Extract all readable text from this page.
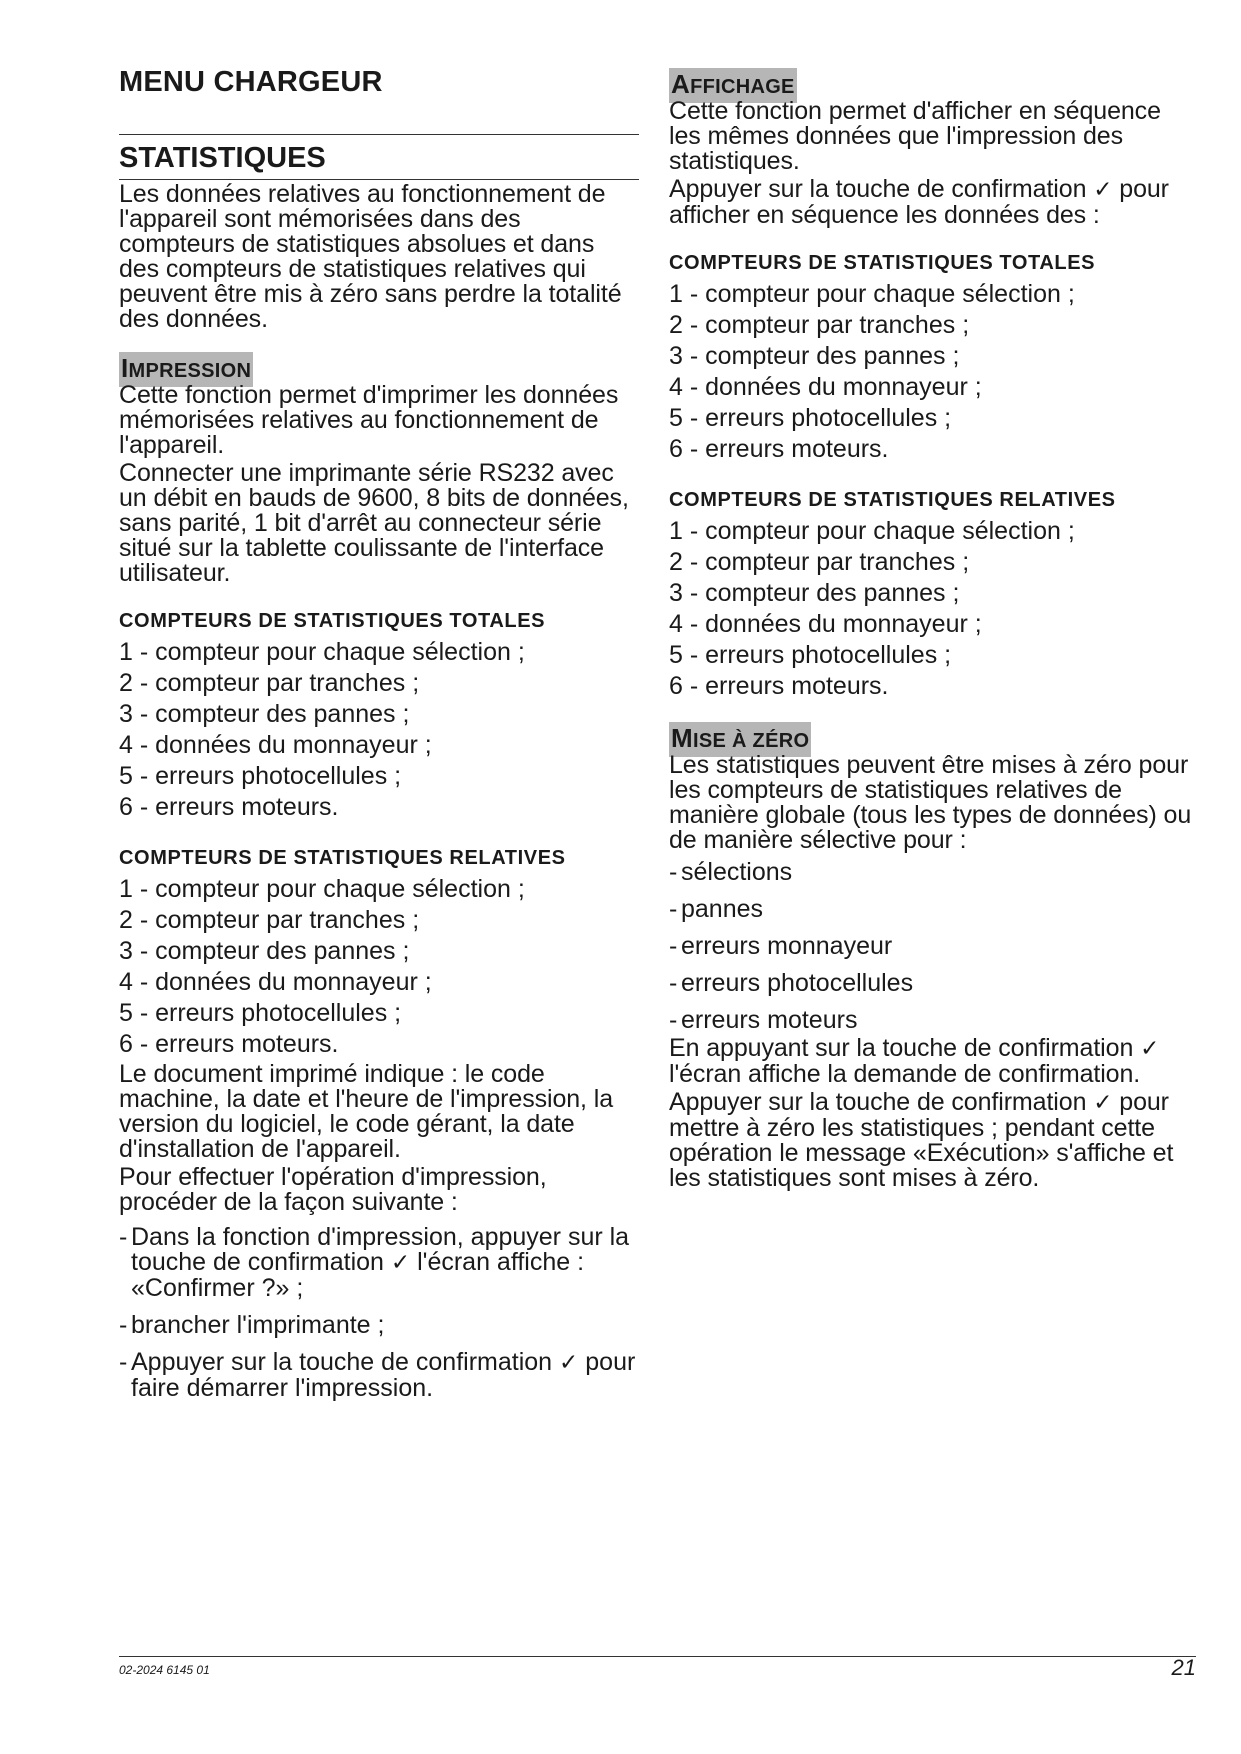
MENU CHARGEUR
STATISTIQUES

Les données relatives au fonctionnement de l'appareil sont mémorisées dans des compteurs de statistiques absolues et dans des compteurs de statistiques relatives qui peuvent être mis à zéro sans perdre la totalité des données.

IMPRESSION

Cette fonction permet d'imprimer les données mémorisées relatives au fonctionnement de l'appareil.

Connecter une imprimante série RS232 avec un débit en bauds de 9600, 8 bits de données, sans parité, 1 bit d'arrêt au connecteur série situé sur la tablette coulissante de l'interface utilisateur.

COMPTEURS DE STATISTIQUES TOTALES
1 - compteur pour chaque sélection ;
2 - compteur par tranches ;
3 - compteur des pannes ;
4 - données du monnayeur ;
5 - erreurs photocellules ;
6 - erreurs moteurs.
COMPTEURS DE STATISTIQUES RELATIVES
1 - compteur pour chaque sélection ;
2 - compteur par tranches ;
3 - compteur des pannes ;
4 - données du monnayeur ;
5 - erreurs photocellules ;
6 - erreurs moteurs.

Le document imprimé indique : le code machine, la date et l'heure de l'impression, la version du logiciel, le code gérant, la date d'installation de l'appareil.

Pour effectuer l'opération d'impression, procéder de la façon suivante :

- Dans la fonction d'impression, appuyer sur la touche de confirmation ✓ l'écran affiche : «Confirmer ?» ;
- brancher l'imprimante ;
- Appuyer sur la touche de confirmation ✓ pour faire démarrer l'impression.
AFFICHAGE

Cette fonction permet d'afficher en séquence les mêmes données que l'impression des statistiques.

Appuyer sur la touche de confirmation ✓ pour afficher en séquence les données des :

COMPTEURS DE STATISTIQUES TOTALES
1 - compteur pour chaque sélection ;
2 - compteur par tranches ;
3 - compteur des pannes ;
4 - données du monnayeur ;
5 - erreurs photocellules ;
6 - erreurs moteurs.
COMPTEURS DE STATISTIQUES RELATIVES
1 - compteur pour chaque sélection ;
2 - compteur par tranches ;
3 - compteur des pannes ;
4 - données du monnayeur ;
5 - erreurs photocellules ;
6 - erreurs moteurs.
MISE À ZÉRO

Les statistiques peuvent être mises à zéro pour les compteurs de statistiques relatives de manière globale (tous les types de données) ou de manière sélective pour :

- sélections
- pannes
- erreurs monnayeur
- erreurs photocellules
- erreurs moteurs

En appuyant sur la touche de confirmation ✓ l'écran affiche la demande de confirmation.

Appuyer sur la touche de confirmation ✓ pour mettre à zéro les statistiques ; pendant cette opération le message «Exécution» s'affiche et les statistiques sont mises à zéro.

02-2024 6145 01	21
